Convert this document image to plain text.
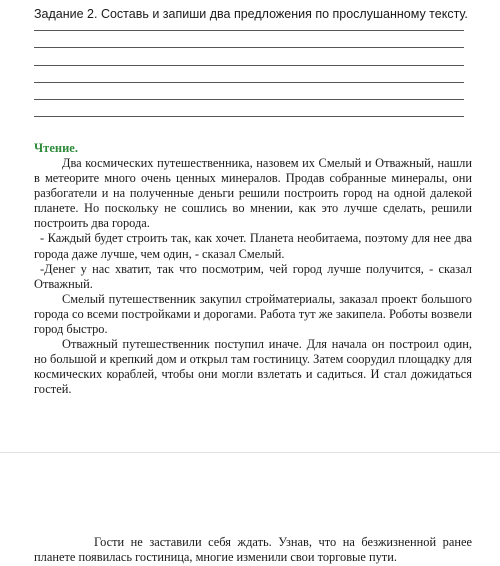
Задание 2. Составь и запиши два предложения по прослушанному тексту.
Чтение.

Два космических путешественника, назовем их Смелый и Отважный, нашли в метеорите много очень ценных минералов. Продав собранные минералы, они разбогатели и на полученные деньги решили построить город на одной далекой планете. Но поскольку не сошлись во мнении, как это лучше сделать, решили построить два города.

- Каждый будет строить так, как хочет. Планета необитаема, поэтому для нее два города даже лучше, чем один, - сказал Смелый.

-Денег у нас хватит, так что посмотрим, чей город лучше получится, - сказал Отважный.

Смелый путешественник закупил стройматериалы, заказал проект большого города со всеми постройками и дорогами. Работа тут же закипела. Роботы возвели город быстро.

Отважный путешественник поступил иначе. Для начала он построил один, но большой и крепкий дом и открыл там гостиницу. Затем соорудил площадку для космических кораблей, чтобы они могли взлетать и садиться. И стал дожидаться гостей.

Гости не заставили себя ждать. Узнав, что на безжизненной ранее планете появилась гостиница, многие изменили свои торговые пути.
